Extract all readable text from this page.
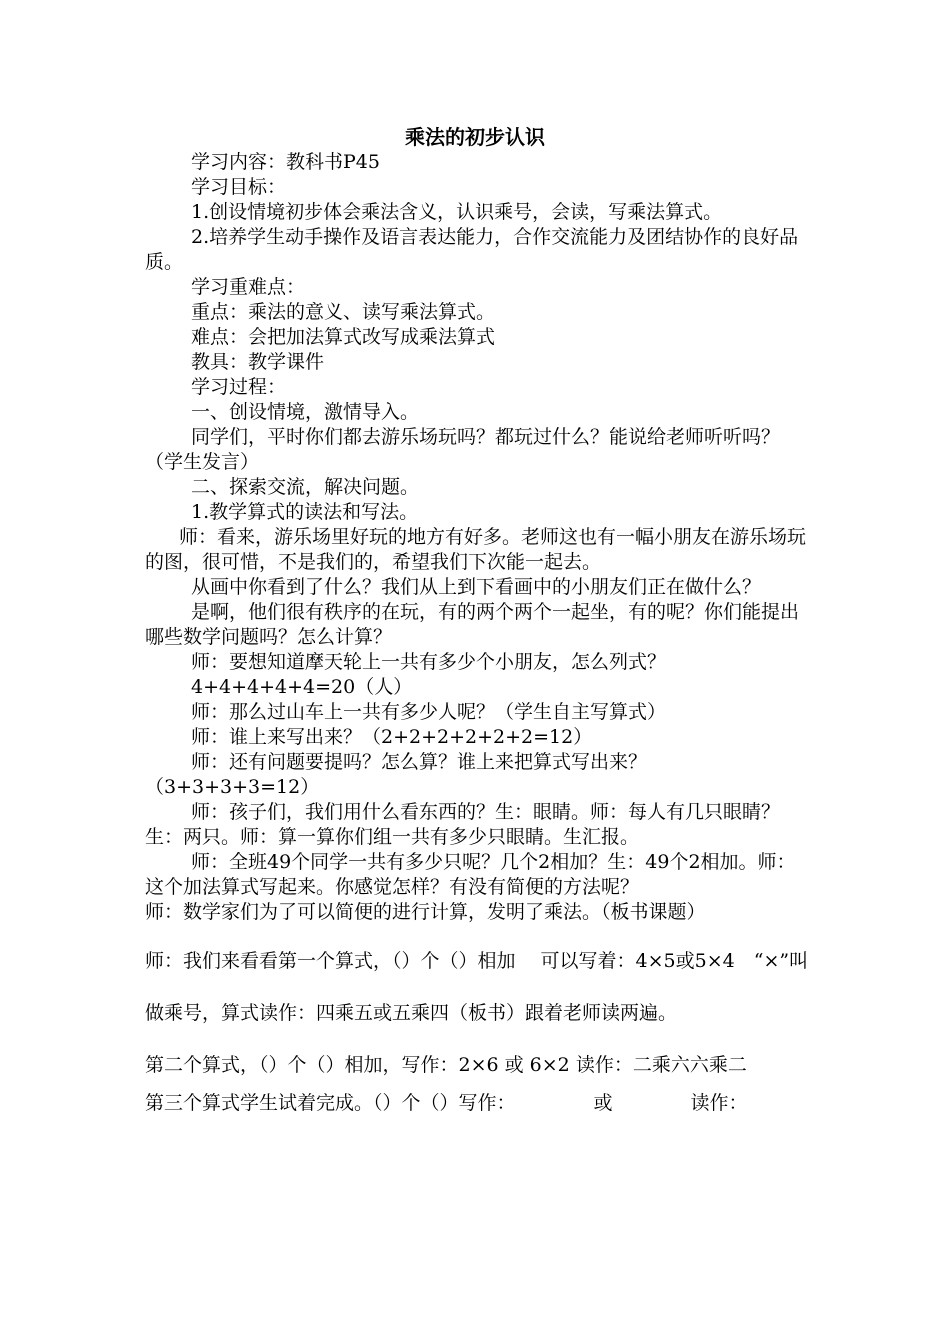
乘法的初步认识

学习内容：教科书P45

学习目标：

1.创设情境初步体会乘法含义，认识乘号，会读，写乘法算式。

2.培养学生动手操作及语言表达能力，合作交流能力及团结协作的良好品质。

学习重难点：

重点：乘法的意义、读写乘法算式。

难点：会把加法算式改写成乘法算式

教具：教学课件

学习过程：

一、创设情境，激情导入。

同学们，平时你们都去游乐场玩吗？都玩过什么？能说给老师听听吗？（学生发言）

二、探索交流，解决问题。

1.教学算式的读法和写法。

师：看来，游乐场里好玩的地方有好多。老师这也有一幅小朋友在游乐场玩的图，很可惜，不是我们的，希望我们下次能一起去。

从画中你看到了什么？我们从上到下看画中的小朋友们正在做什么？

是啊，他们很有秩序的在玩，有的两个两个一起坐，有的呢？你们能提出哪些数学问题吗？怎么计算？

师：要想知道摩天轮上一共有多少个小朋友，怎么列式？

4+4+4+4+4=20（人）

师：那么过山车上一共有多少人呢？（学生自主写算式）

师：谁上来写出来？（2+2+2+2+2+2=12）

师：还有问题要提吗？怎么算？谁上来把算式写出来？（3+3+3+3=12）

师：孩子们，我们用什么看东西的？生：眼睛。师：每人有几只眼睛？生：两只。师：算一算你们组一共有多少只眼睛。生汇报。

师：全班49个同学一共有多少只呢？几个2相加？生：49个2相加。师：这个加法算式写起来。你感觉怎样？有没有简便的方法呢？

师：数学家们为了可以简便的进行计算，发明了乘法。（板书课题）

师：我们来看看第一个算式，（）个（）相加　 可以写着：4×5或5×4　“×”叫做乘号，算式读作：四乘五或五乘四（板书）跟着老师读两遍。

第二个算式，（）个（）相加，写作：2×6 或 6×2 读作：二乘六六乘二

第三个算式学生试着完成。（）个（）写作：	或	读作：
